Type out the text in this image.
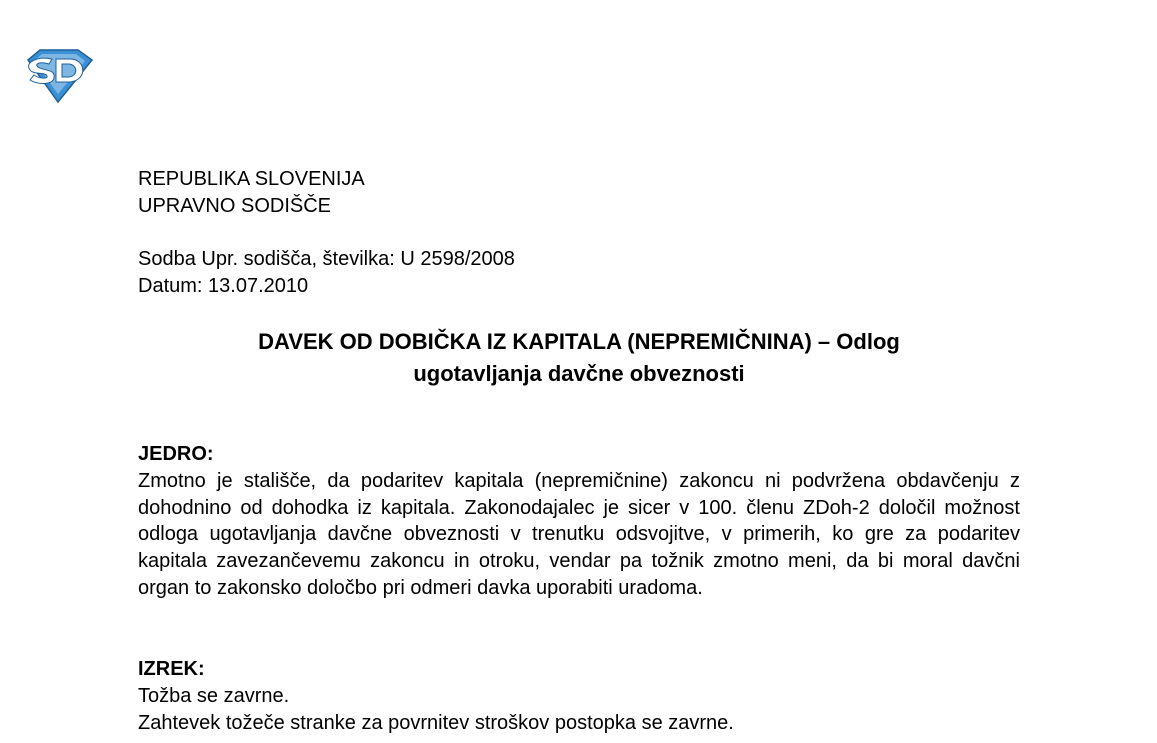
REPUBLIKA SLOVENIJA
UPRAVNO SODIŠČE
Sodba Upr. sodišča, številka: U 2598/2008
Datum: 13.07.2010
DAVEK OD DOBIČKA IZ KAPITALA (NEPREMIČNINA) – Odlog
ugotavljanja davčne obveznosti
JEDRO:
Zmotno je stališče, da podaritev kapitala (nepremičnine) zakoncu ni podvržena obdavčenju z dohodnino od dohodka iz kapitala. Zakonodajalec je sicer v 100. členu ZDoh-2 določil možnost odloga ugotavljanja davčne obveznosti v trenutku odsvojitve, v primerih, ko gre za podaritev kapitala zavezančevemu zakoncu in otroku, vendar pa tožnik zmotno meni, da bi moral davčni organ to zakonsko določbo pri odmeri davka uporabiti uradoma.
IZREK:
Tožba se zavrne.
Zahtevek tožeče stranke za povrnitev stroškov postopka se zavrne.
